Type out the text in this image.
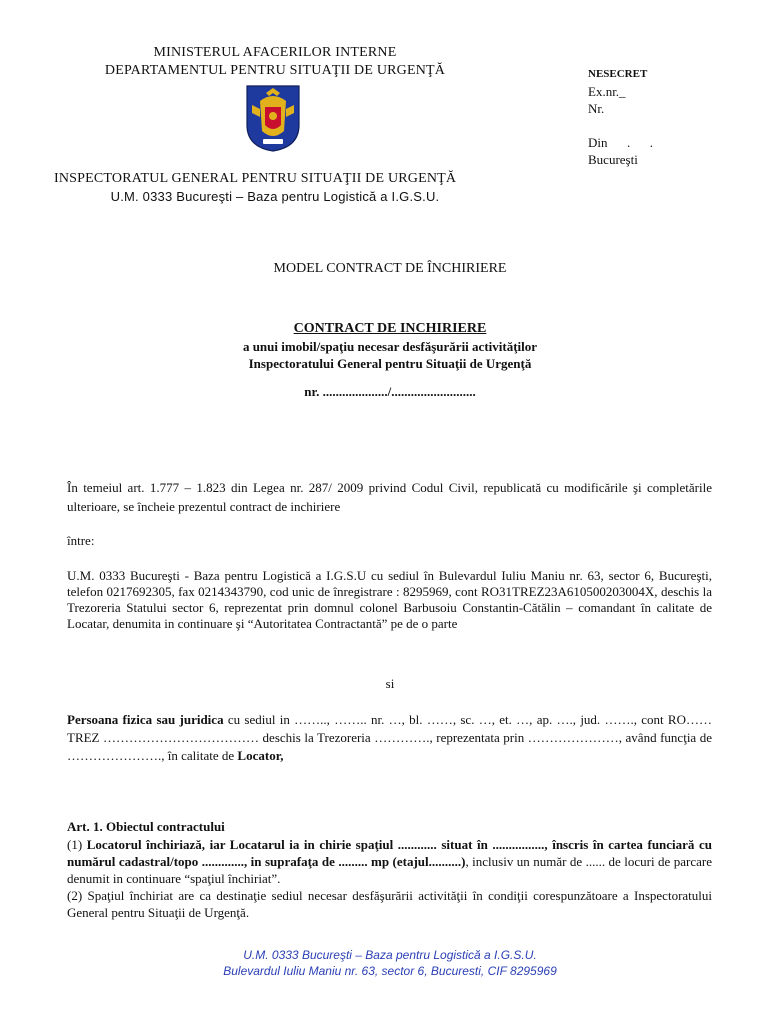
MINISTERUL AFACERILOR INTERNE
DEPARTAMENTUL PENTRU SITUAŢII DE URGENŢĂ
INSPECTORATUL GENERAL PENTRU SITUAŢII DE URGENŢĂ
U.M. 0333 Bucureşti – Baza pentru Logistică a I.G.S.U.
NESECRET
Ex.nr._
Nr.
Din      .      .
Bucureşti
MODEL CONTRACT DE ÎNCHIRIERE
CONTRACT DE INCHIRIERE
a unui imobil/spaţiu necesar desfăşurării activităţilor
Inspectoratului General pentru Situaţii de Urgenţă
nr. ..................../..........................
În temeiul art. 1.777 – 1.823 din Legea nr. 287/ 2009 privind Codul Civil, republicată cu modificările şi completările ulterioare, se încheie prezentul contract de inchiriere
între:
U.M. 0333 Bucureşti - Baza pentru Logistică a I.G.S.U cu sediul în Bulevardul Iuliu Maniu nr. 63, sector 6, Bucureşti, telefon 0217692305, fax 0214343790, cod unic de înregistrare : 8295969, cont RO31TREZ23A610500203004X, deschis la Trezoreria Statului sector 6, reprezentat prin domnul colonel Barbusoiu Constantin-Cătălin – comandant în calitate de Locatar, denumita in continuare şi “Autoritatea Contractantă” pe de o parte
si
Persoana fizica sau juridica cu sediul in …….., …….. nr. …, bl. ……, sc. …, et. …, ap. …., jud. ……., cont RO…… TREZ ……………………………… deschis la Trezoreria …………., reprezentata prin …………………, având funcţia de …………………., în calitate de Locator,
Art. 1. Obiectul contractului
(1) Locatorul închiriază, iar Locatarul ia in chirie spaţiul ............ situat în ................, înscris în cartea funciară cu numărul cadastral/topo ............., in suprafaţa de ......... mp (etajul..........), inclusiv un număr de ...... de locuri de parcare denumit in continuare “spaţiul închiriat”.
(2) Spaţiul închiriat are ca destinaţie sediul necesar desfăşurării activităţii în condiţii corespunzătoare a Inspectoratului General pentru Situaţii de Urgenţă.
U.M. 0333 Bucureşti – Baza pentru Logistică a I.G.S.U.
Bulevardul Iuliu Maniu nr. 63, sector 6, Bucuresti, CIF 8295969
